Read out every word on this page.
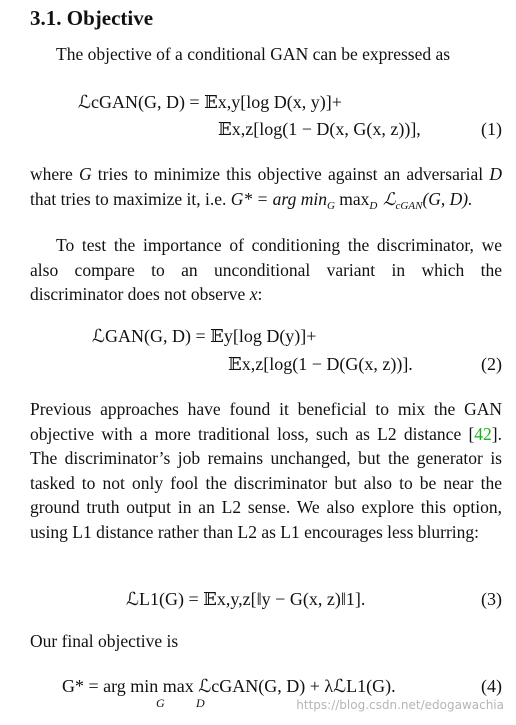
3.1. Objective
The objective of a conditional GAN can be expressed as
ℒcGAN(G, D) = 𝔼x,y[log D(x, y)]+
𝔼x,z[log(1 − D(x, G(x, z))],	(1)
where G tries to minimize this objective against an adversarial D that tries to maximize it, i.e. G* = arg $\min_G \max_D$ ℒ$_{cGAN}$(G, D).
To test the importance of conditioning the discriminator, we also compare to an unconditional variant in which the discriminator does not observe x:
ℒGAN(G, D) = 𝔼y[log D(y)]+
𝔼x,z[log(1 − D(G(x, z))].	(2)
Previous approaches have found it beneficial to mix the GAN objective with a more traditional loss, such as L2 distance [42]. The discriminator’s job remains unchanged, but the generator is tasked to not only fool the discriminator but also to be near the ground truth output in an L2 sense. We also explore this option, using L1 distance rather than L2 as L1 encourages less blurring:
ℒL1(G) = 𝔼x,y,z[‖y − G(x, z)‖1].	(3)
Our final objective is
G* = arg min max ℒcGAN(G, D) + λℒL1(G).
G	D
(4)
https://blog.csdn.net/edogawachia
